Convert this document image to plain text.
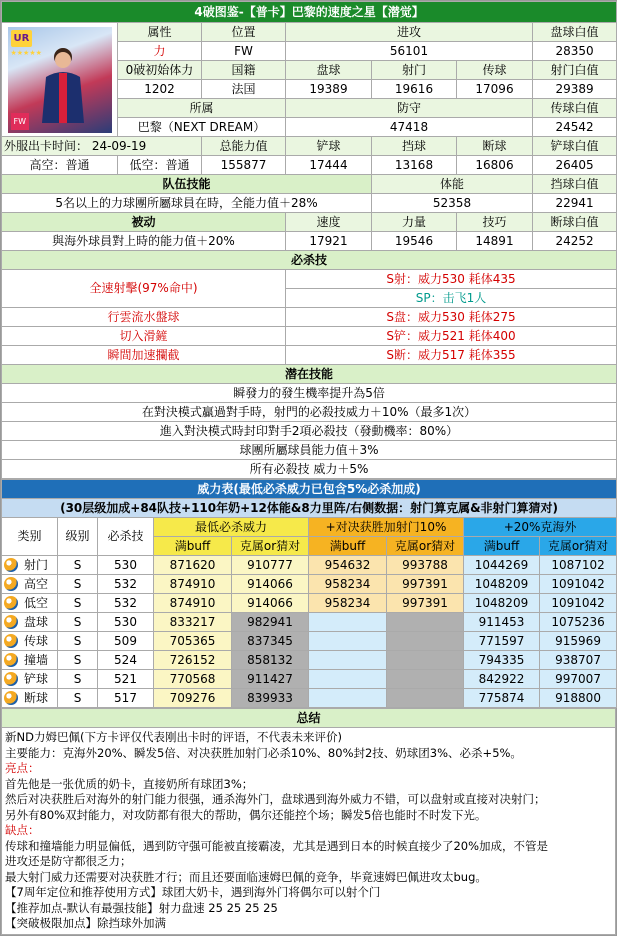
4破图鉴-【普卡】巴黎的速度之星【潜觉】						

UR
★★★★★
FW	属性	位置	进攻			盘球白值
	力	FW	56101			28350
	0破初始体力	国籍	盘球	射门	传球	射门白值
	1202	法国	19389	19616	17096	29389
	所属		防守			传球白值
	巴黎（NEXT DREAM）		47418			24542
外服出卡时间： 24-09-19		总能力值	铲球	挡球	断球	铲球白值
高空：普通	低空：普通	155877	17444	13168	16806	26405
队伍技能				体能		挡球白值
5名以上的力球團所屬球員在時，全能力值＋28%				52358		22941
被动			速度	力量	技巧	断球白值
與海外球員對上時的能力值＋20%			17921	19546	14891	24252
必杀技						
全速射擊(97%命中)			S射：威力530 耗体435			
			SP：击飞1人			
行雲流水盤球			S盘：威力530 耗体275			
切入滑鏟			S铲：威力521 耗体400			
瞬間加速攔截			S断：威力517 耗体355			
潜在技能						
瞬發力的發生機率提升為5倍						
在對決模式贏過對手時，射門的必殺技威力＋10%（最多1次）						
進入對決模式時封印對手2項必殺技（發動機率：80%）						
球團所屬球員能力值＋3%						
所有必殺技 威力＋5%						
威力表(最低必杀威力已包含5%必杀加成)								
(30层级加成+84队技+110年奶+12体能&8力里阵/右侧数据：射门算克属&非射门算猜对)								
类别	级别	必杀技	最低必杀威力		+对决获胜加射门10%		+20%克海外	
			满buff	克属or猜对	满buff	克属or猜对	满buff	克属or猜对
射门	S	530	871620	910777	954632	993788	1044269	1087102
高空	S	532	874910	914066	958234	997391	1048209	1091042
低空	S	532	874910	914066	958234	997391	1048209	1091042
盘球	S	530	833217	982941			911453	1075236
传球	S	509	705365	837345			771597	915969
撞墙	S	524	726152	858132			794335	938707
铲球	S	521	770568	911427			842922	997007
断球	S	517	709276	839933			775874	918800
总结

新ND力姆巴佩(下方卡评仅代表刚出卡时的评语，不代表未来评价)
主要能力：克海外20%、瞬发5倍、对决获胜加射门必杀10%、80%封2技、奶球团3%、必杀+5%。
亮点：
首先他是一张优质的奶卡，直接奶所有球团3%；
然后对决获胜后对海外的射门能力很强，通杀海外门，盘球遇到海外威力不错，可以盘射或直接对决射门；
另外有80%双封能力，对攻防都有很大的帮助，偶尔还能控个场；瞬发5倍也能时不时发下光。
缺点：
传球和撞墙能力明显偏低，遇到防守强可能被直接霸凌，尤其是遇到日本的时候直接少了20%加成，不管是
进攻还是防守都很乏力；
最大射门威力还需要对决获胜才行；而且还要面临速姆巴佩的竞争，毕竟速姆巴佩进攻太bug。
【7周年定位和推荐使用方式】球团大奶卡，遇到海外门将偶尔可以射个门
【推荐加点-默认有最强技能】射力盘速 25 25 25 25
【突破极限加点】除挡球外加满
